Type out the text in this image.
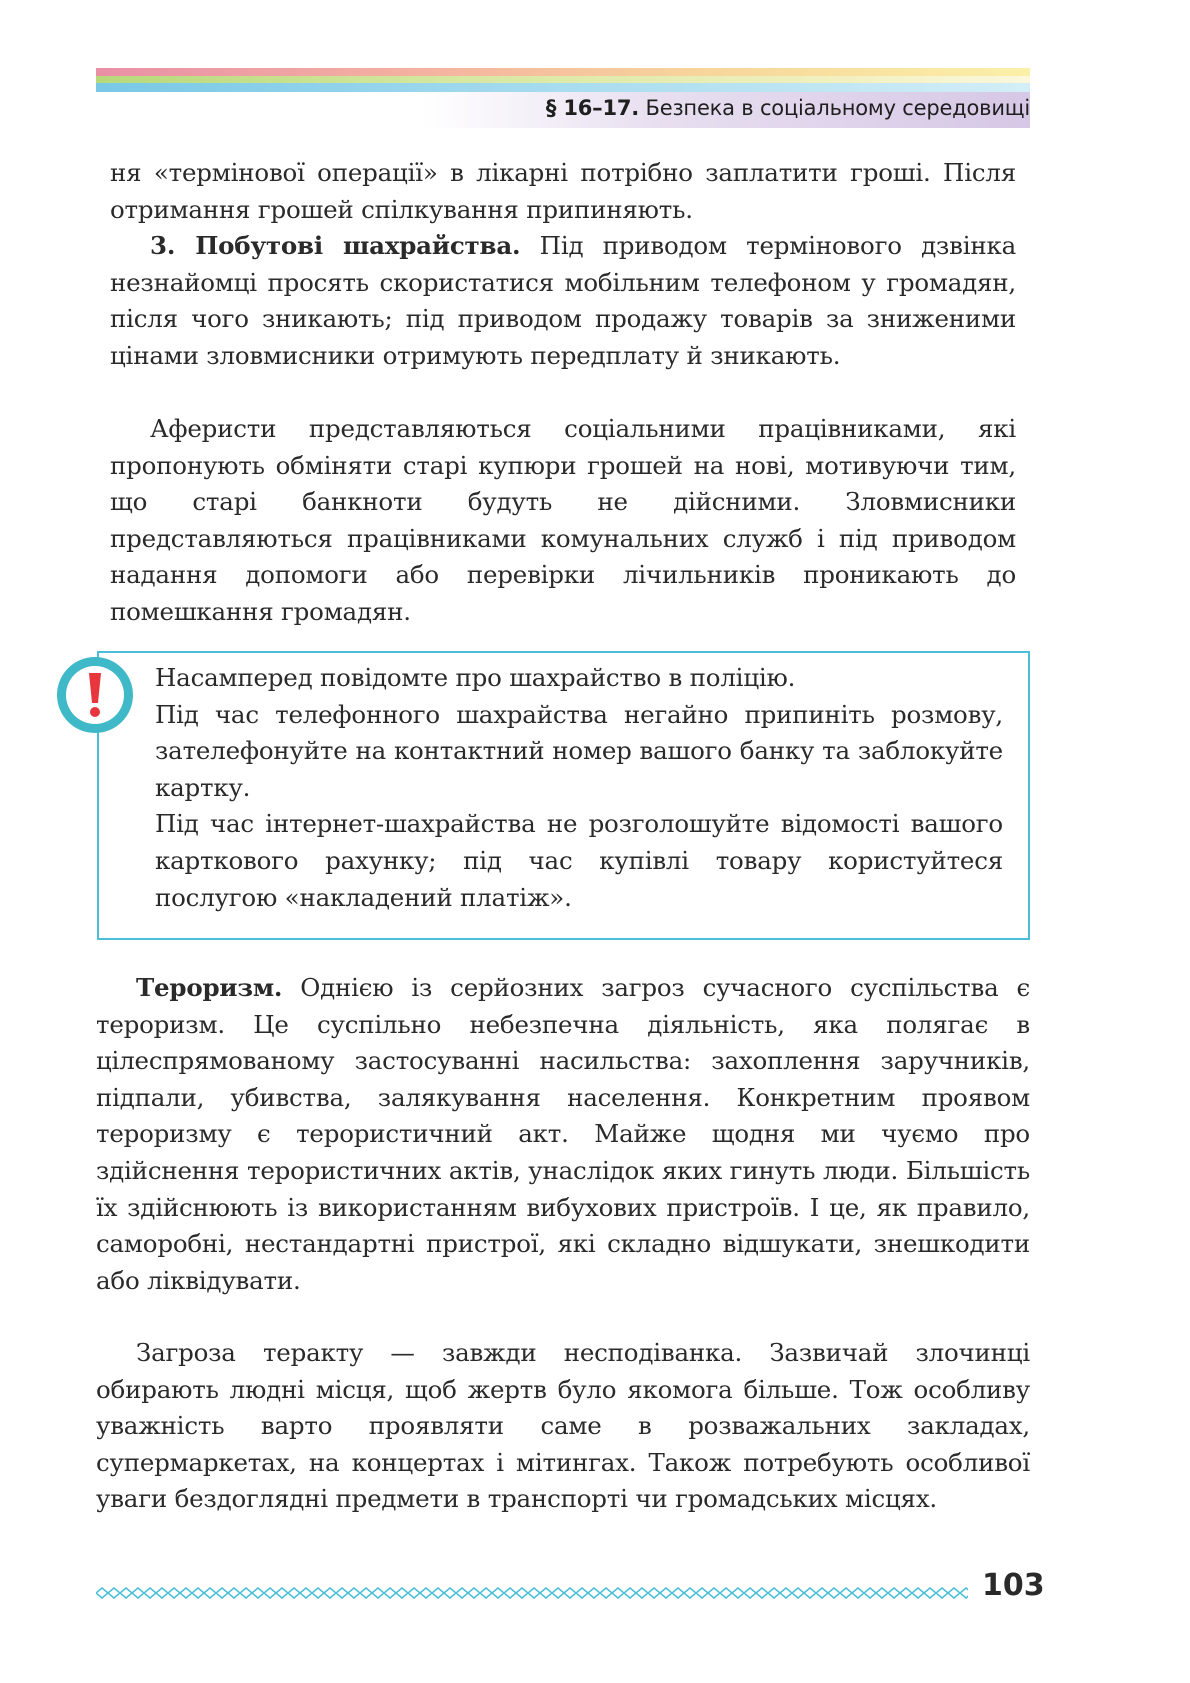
§ 16–17. Безпека в соціальному середовищі

ня «термінової операції» в лікарні потрібно заплатити гроші. Після отримання грошей спілкування припиняють.

3. Побутові шахрайства. Під приводом термінового дзвінка незнайомці просять скористатися мобільним телефоном у громадян, після чого зникають; під приводом продажу товарів за зниженими цінами зловмисники отримують передплату й зникають.

Аферисти представляються соціальними працівниками, які пропонують обміняти старі купюри грошей на нові, мотивуючи тим, що старі банкноти будуть не дійсними. Зловмисники представляються працівниками комунальних служб і під приводом надання допомоги або перевірки лічильників проникають до помешкання громадян.

Насамперед повідомте про шахрайство в поліцію.

Під час телефонного шахрайства негайно припиніть розмову, зателефонуйте на контактний номер вашого банку та заблокуйте картку.

Під час інтернет-шахрайства не розголошуйте відомості вашого карткового рахунку; під час купівлі товару користуйтеся послугою «накладений платіж».

Тероризм. Однією із серйозних загроз сучасного суспільства є тероризм. Це суспільно небезпечна діяльність, яка полягає в цілеспрямованому застосуванні насильства: захоплення заручників, підпали, убивства, залякування населення. Конкретним проявом тероризму є терористичний акт. Майже щодня ми чуємо про здійснення терористичних актів, унаслідок яких гинуть люди. Більшість їх здійснюють із використанням вибухових пристроїв. І це, як правило, саморобні, нестандартні пристрої, які складно відшукати, знешкодити або ліквідувати.

Загроза теракту — завжди несподіванка. Зазвичай злочинці обирають людні місця, щоб жертв було якомога більше. Тож особливу уважність варто проявляти саме в розважальних закладах, супермаркетах, на концертах і мітингах. Також потребують особливої уваги бездоглядні предмети в транспорті чи громадських місцях.

103
